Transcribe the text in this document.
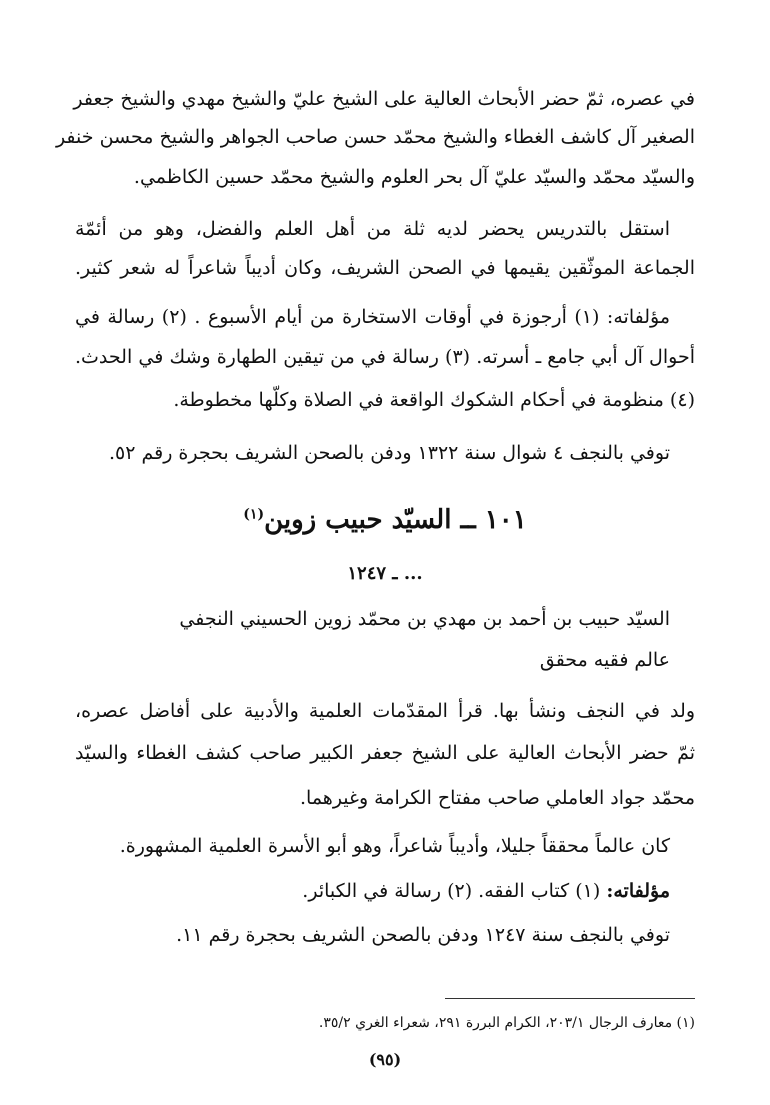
في عصره، ثمّ حضر الأبحاث العالية على الشيخ عليّ والشيخ مهدي والشيخ جعفر
الصغير آل كاشف الغطاء والشيخ محمّد حسن صاحب الجواهر والشيخ محسن خنفر
والسيّد محمّد والسيّد عليّ آل بحر العلوم والشيخ محمّد حسين الكاظمي.
استقل بالتدريس يحضر لديه ثلة من أهل العلم والفضل، وهو من أئمّة
الجماعة الموثّقين يقيمها في الصحن الشريف، وكان أديباً شاعراً له شعر كثير.
مؤلفاته: (١) أرجوزة في أوقات الاستخارة من أيام الأسبوع . (٢) رسالة في
أحوال آل أبي جامع ـ أسرته. (٣) رسالة في من تيقين الطهارة وشك في الحدث.
(٤) منظومة في أحكام الشكوك الواقعة في الصلاة وكلّها مخطوطة.
توفي بالنجف ٤ شوال سنة ١٣٢٢ ودفن بالصحن الشريف بحجرة رقم ٥٢.
١٠١ ــ السيّد حبيب زوين$^{(١)}$
... ـ ١٢٤٧
السيّد حبيب بن أحمد بن مهدي بن محمّد زوين الحسيني النجفي
عالم فقيه محقق
ولد في النجف ونشأ بها. قرأ المقدّمات العلمية والأدبية على أفاضل عصره،
ثمّ حضر الأبحاث العالية على الشيخ جعفر الكبير صاحب كشف الغطاء والسيّد
محمّد جواد العاملي صاحب مفتاح الكرامة وغيرهما.
كان عالماً محققاً جليلا، وأديباً شاعراً، وهو أبو الأسرة العلمية المشهورة.
مؤلفاته: (١) كتاب الفقه. (٢) رسالة في الكبائر.
توفي بالنجف سنة ١٢٤٧ ودفن بالصحن الشريف بحجرة رقم ١١.
(١) معارف الرجال ٢٠٣/١، الكرام البررة ٢٩١، شعراء الغري ٣٥/٢.
(٩٥)
